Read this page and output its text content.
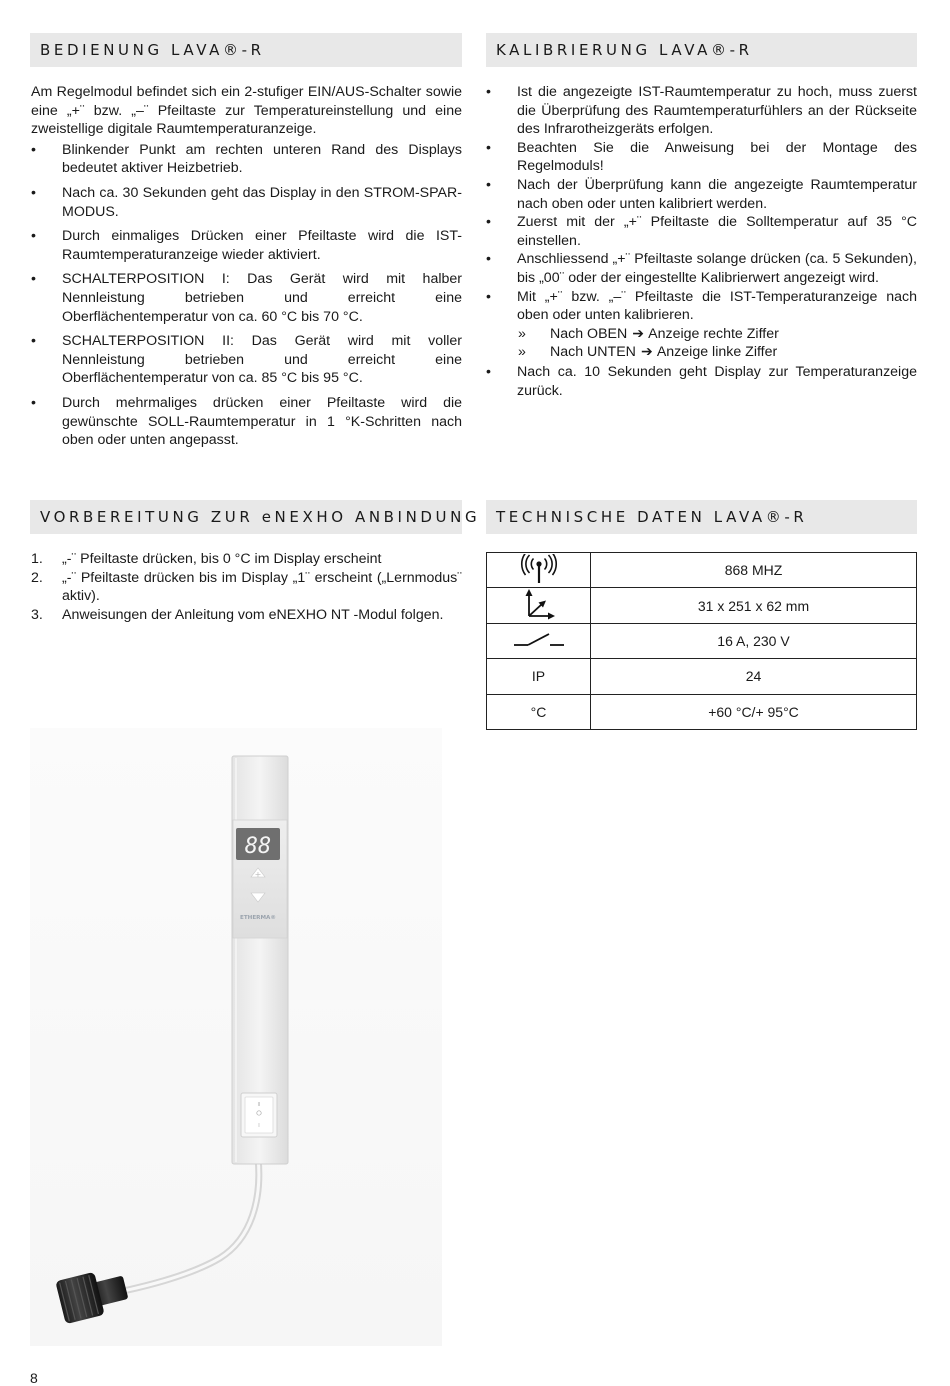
BEDIENUNG LAVA®-R
Am Regelmodul befindet sich ein 2-stufiger EIN/AUS-Schalter sowie eine „+¨ bzw. „–¨ Pfeiltaste zur Temperatureinstellung und eine zweistellige digitale Raumtemperaturanzeige.
• Blinkender Punkt am rechten unteren Rand des Displays bedeutet aktiver Heizbetrieb.
• Nach ca. 30 Sekunden geht das Display in den STROM-SPAR-MODUS.
• Durch einmaliges Drücken einer Pfeiltaste wird die IST-Raumtemperaturanzeige wieder aktiviert.
• SCHALTERPOSITION I: Das Gerät wird mit halber Nennleistung betrieben und erreicht eine Oberflächentemperatur von ca. 60 °C bis 70 °C.
• SCHALTERPOSITION II: Das Gerät wird mit voller Nennleistung betrieben und erreicht eine Oberflächentemperatur von ca. 85 °C bis 95 °C.
• Durch mehrmaliges drücken einer Pfeiltaste wird die gewünschte SOLL-Raumtemperatur in 1 °K-Schritten nach oben oder unten angepasst.
KALIBRIERUNG LAVA®-R
• Ist die angezeigte IST-Raumtemperatur zu hoch, muss zuerst die Überprüfung des Raumtemperaturfühlers an der Rückseite des Infrarotheizgeräts erfolgen.
• Beachten Sie die Anweisung bei der Montage des Regelmoduls!
• Nach der Überprüfung kann die angezeigte Raumtemperatur nach oben oder unten kalibriert werden.
• Zuerst mit der „+¨ Pfeiltaste die Solltemperatur auf 35 °C einstellen.
• Anschliessend „+¨ Pfeiltaste solange drücken (ca. 5 Sekunden), bis „00¨ oder der eingestellte Kalibrierwert angezeigt wird.
• Mit „+¨ bzw. „–¨ Pfeiltaste die IST-Temperaturanzeige nach oben oder unten kalibrieren.
» Nach OBEN ➔ Anzeige rechte Ziffer
» Nach UNTEN ➔ Anzeige linke Ziffer
• Nach ca. 10 Sekunden geht Display zur Temperaturanzeige zurück.
VORBEREITUNG ZUR eNEXHO ANBINDUNG
1. „-¨ Pfeiltaste drücken, bis 0 °C im Display erscheint
2. „-¨ Pfeiltaste drücken bis im Display „1¨ erscheint („Lernmodus¨ aktiv).
3. Anweisungen der Anleitung vom eNEXHO NT -Modul folgen.
TECHNISCHE DATEN LAVA®-R
	868 MHZ
	31 x 251 x 62 mm
	16 A, 230 V
IP	24
°C	+60 °C/+ 95°C
88
+
ETHERMA®
II
I
8
